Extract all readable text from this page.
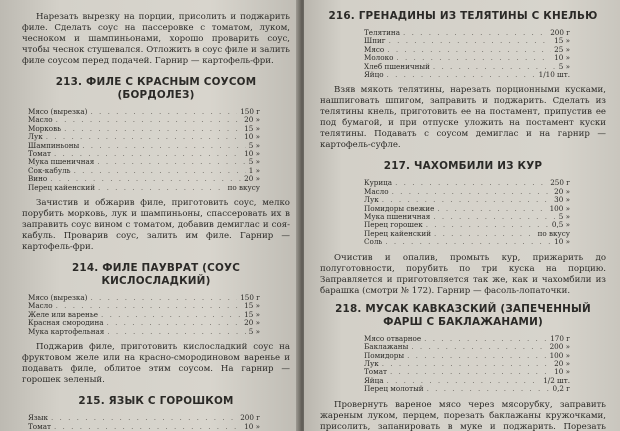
Нарезать вырезку на порции, присолить и поджарить филе. Сделать соус на пассеровке с томатом, луком, чесноком и шампиньонами, хорошо проварить соус, чтобы чеснок стушевался. Отложить в соус филе и залить филе соусом перед подачей. Гарнир — картофель-фри.

213. ФИЛЕ С КРАСНЫМ СОУСОМ (БОРДОЛЕЗ)
Мясо (вырезка) . . .	150 г
Масло . . .	20 »
Морковь . . .	15 »
Лук . . .	10 »
Шампиньоны . . .	5 »
Томат . . .	10 »
Мука пшеничная . . .	5 »
Сок-кабуль . . .	1 »
Вино . . .	20 »
Перец кайенский . . .	по вкусу

Зачистив и обжарив филе, приготовить соус, мелко порубить морковь, лук и шампиньоны, спассеровать их в заправить соус вином с томатом, добавив демиглас и соя-кабуль. Проварив соус, залить им филе. Гарнир — картофель-фри.

214. ФИЛЕ ПАУВРАТ (СОУС КИСЛОСЛАДКИЙ)
Мясо (вырезка) . . .	150 г
Масло . . .	15 »
Желе или варенье . . .	15 »
Красная смородина . . .	20 »
Мука картофельная . . .	5 »

Поджарив филе, приготовить кислосладкий соус на фруктовом желе или на красно-смородиновом варенье и подавать филе, облитое этим соусом. На гарнир — горошек зеленый.

215. ЯЗЫК С ГОРОШКОМ
Язык . . .	200 г
Томат . . .	10 »
. . .

216. ГРЕНАДИНЫ ИЗ ТЕЛЯТИНЫ С КНЕЛЬЮ
Телятина . . .	200 г
Шпиг . . .	15 »
Мясо . . .	25 »
Молоко . . .	10 »
Хлеб пшеничный . . .	5 »
Яйцо . . .	1/10 шт.

Взяв мякоть телятины, нарезать порционными кусками, нашпиговать шпигом, заправить и поджарить. Сделать из телятины кнель, приготовить ее на постамент, припустив ее под бумагой, и при отпуске уложить на постамент куски телятины. Подавать с соусом демиглас и на гарнир — картофель-суфле.

217. ЧАХОМБИЛИ ИЗ КУР
Курица . . .	250 г
Масло . . .	20 »
Лук . . .	30 »
Помидоры свежие . . .	100 »
Мука пшеничная . . .	5 »
Перец горошек . . .	0,5 »
Перец кайенский . . .	по вкусу
Соль . . .	10 »

Очистив и опалив, промыть кур, прижарить до полуготовности, порубить по три куска на порцию. Заправляется и приготовляется так же, как и чахомбили из барашка (смотри № 172). Гарнир — фасоль-лопаточки.

218. МУСАК КАВКАЗСКИЙ (ЗАПЕЧЕННЫЙ ФАРШ С БАКЛАЖАНАМИ)
Мясо отварное . . .	170 г
Баклажаны . . .	200 »
Помидоры . . .	100 »
Лук . . .	20 »
Томат . . .	10 »
Яйца . . .	1/2 шт.
Перец молотый . . .	0,2 г

Провернуть вареное мясо через мясорубку, заправить жареным луком, перцем, порезать баклажаны кружочками, присолить, запанировать в муке и поджарить. Порезать
